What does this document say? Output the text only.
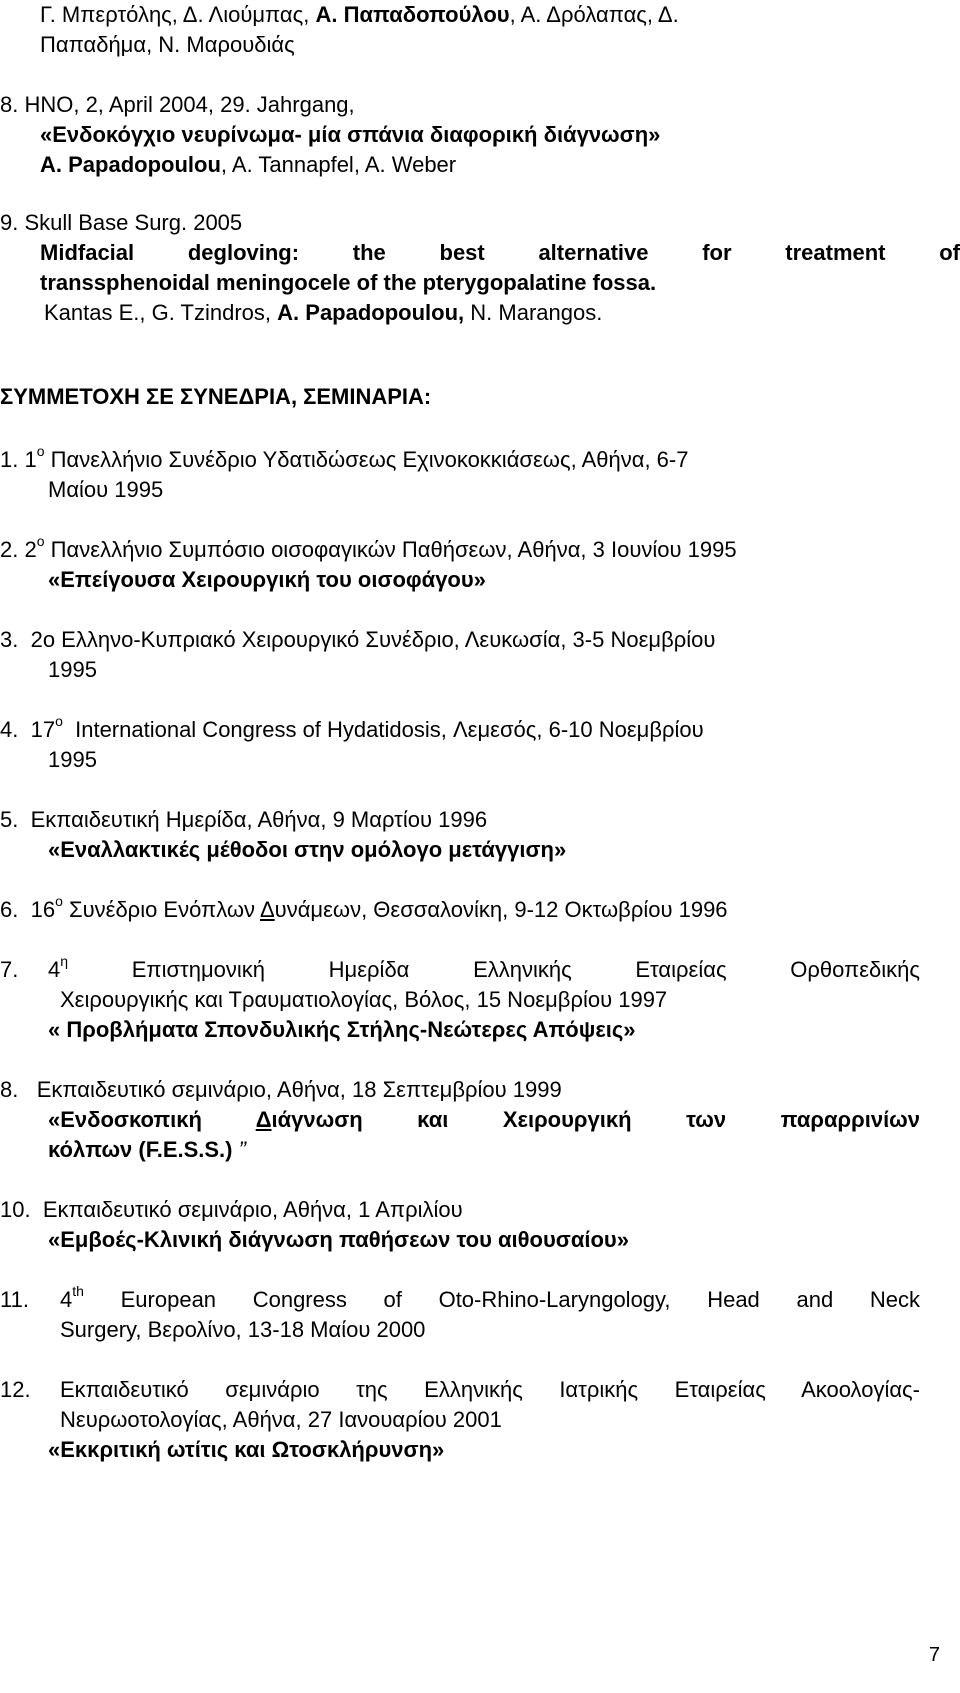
Γ. Μπερτόλης, Δ. Λιούμπας, Α. Παπαδοπούλου, Α. Δρόλαπας, Δ.
Παπαδήμα, Ν. Μαρουδιάς
8. HNO, 2, April 2004, 29. Jahrgang,
«Ενδοκόγχιο νευρίνωμα- μία σπάνια διαφορική διάγνωση»
A. Papadopoulou, A. Tannapfel, A. Weber
9. Skull Base Surg. 2005
Midfacial degloving: the best alternative for treatment of
transsphenoidal meningocele of the pterygopalatine fossa.
Kantas E., G. Tzindros, A. Papadopoulou, N. Marangos.
ΣΥΜΜΕΤΟΧΗ ΣΕ ΣΥΝΕΔΡΙΑ, ΣΕΜΙΝΑΡΙΑ:
1. $1^o$ Πανελλήνιο Συνέδριο Υδατιδώσεως Εχινοκοκκιάσεως, Αθήνα, 6-7
Μαίου 1995
2. $2^o$ Πανελλήνιο Συμπόσιο οισοφαγικών Παθήσεων, Αθήνα, 3 Ιουνίου 1995
«Επείγουσα Χειρουργική του οισοφάγου»
3. 2ο Ελληνο-Κυπριακό Χειρουργικό Συνέδριο, Λευκωσία, 3-5 Νοεμβρίου
1995
4. $17^o$ International Congress of Hydatidosis, Λεμεσός, 6-10 Νοεμβρίου
1995
5. Εκπαιδευτική Ημερίδα, Αθήνα, 9 Μαρτίου 1996
«Εναλλακτικές μέθοδοι στην ομόλογο μετάγγιση»
6. $16^o$ Συνέδριο Ενόπλων Δυνάμεων, Θεσσαλονίκη, 9-12 Οκτωβρίου 1996
7. $4^\eta$	Επιστημονική Ημερίδα Ελληνικής Εταιρείας Ορθοπεδικής
Χειρουργικής και Τραυματιολογίας, Βόλος, 15 Νοεμβρίου 1997
« Προβλήματα Σπονδυλικής Στήλης-Νεώτερες Απόψεις»
8. Εκπαιδευτικό σεμινάριο, Αθήνα, 18 Σεπτεμβρίου 1999
«Ενδοσκοπική Διάγνωση και Χειρουργική των παραρρινίων
κόλπων (F.E.S.S.) ”
10. Εκπαιδευτικό σεμινάριο, Αθήνα, 1 Απριλίου
«Εμβοές-Κλινική διάγνωση παθήσεων του αιθουσαίου»
11. 4th European Congress of Oto-Rhino-Laryngology, Head and Neck
Surgery, Βερολίνο, 13-18 Μαίου 2000
12. Εκπαιδευτικό σεμινάριο της Ελληνικής Ιατρικής Εταιρείας Ακοολογίας-
Νευρωοτολογίας, Αθήνα, 27 Ιανουαρίου 2001
«Εκκριτική ωτίτις και Ωτοσκλήρυνση»
7
